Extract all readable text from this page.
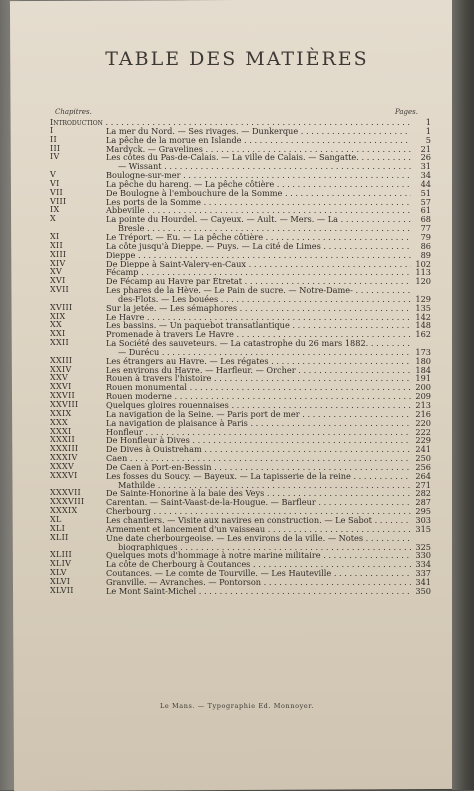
TABLE DES MATIÈRES
Chapitres.	Pages.
Introduction . . .	1
I	La mer du Nord. — Ses rivages. — Dunkerque . . .	1
II	La pêche de la morue en Islande . . .	5
III	Mardyck. — Gravelines . . .	21
IV	Les côtes du Pas-de-Calais. — La ville de Calais. — Sangatte. . . .	26
— Wissant . . .	31
V	Boulogne-sur-mer . . .	34
VI	La pêche du hareng. — La pêche côtière . . .	44
VII	De Boulogne à l'embouchure de la Somme . . .	51
VIII	Les ports de la Somme . . .	57
IX	Abbeville . . .	61
X	La pointe du Hourdel. — Cayeux. — Ault. — Mers. — La . . .	68
Bresle . . .	77
XI	Le Tréport. — Eu. — La pêche côtière . . .	79
XII	La côte jusqu'à Dieppe. — Puys. — La cité de Limes . . .	86
XIII	Dieppe . . .	89
XIV	De Dieppe à Saint-Valery-en-Caux . . .	102
XV	Fécamp . . .	113
XVI	De Fécamp au Havre par Étretat . . .	120
XVII	Les phares de la Hève. — Le Pain de sucre. — Notre-Dame- . . .
des-Flots. — Les bouées . . .	129
XVIII	Sur la jetée. — Les sémaphores . . .	135
XIX	Le Havre . . .	142
XX	Les bassins. — Un paquebot transatlantique . . .	148
XXI	Promenade à travers Le Havre . . .	162
XXII	La Société des sauveteurs. — La catastrophe du 26 mars 1882. . . .
— Durécu . . .	173
XXIII	Les étrangers au Havre. — Les régates . . .	180
XXIV	Les environs du Havre. — Harfleur. — Orcher . . .	184
XXV	Rouen à travers l'histoire . . .	191
XXVI	Rouen monumental . . .	200
XXVII	Rouen moderne . . .	209
XXVIII	Quelques gloires rouennaises . . .	213
XXIX	La navigation de la Seine. — Paris port de mer . . .	216
XXX	La navigation de plaisance à Paris . . .	220
XXXI	Honfleur . . .	222
XXXII	De Honfleur à Dives . . .	229
XXXIII	De Dives à Ouistreham . . .	241
XXXIV	Caen . . .	250
XXXV	De Caen à Port-en-Bessin . . .	256
XXXVI	Les fosses du Soucy. — Bayeux. — La tapisserie de la reine . . .	264
Mathilde . . .	271
XXXVII	De Sainte-Honorine à la baie des Veys . . .	282
XXXVIII	Carentan. — Saint-Vaast-de-la-Hougue. — Barfleur . . .	287
XXXIX	Cherbourg . . .	295
XL	Les chantiers. — Visite aux navires en construction. — Le Sabot . . .	303
XLI	Armement et lancement d'un vaisseau . . .	315
XLII	Une date cherbourgeoise. — Les environs de la ville. — Notes . . .
biographiques . . .	325
XLIII	Quelques mots d'hommage à notre marine militaire . . .	330
XLIV	La côte de Cherbourg à Coutances . . .	334
XLV	Coutances. — Le comte de Tourville. — Les Hauteville . . .	337
XLVI	Granville. — Avranches. — Pontorson . . .	341
XLVII	Le Mont Saint-Michel . . .	350
Le Mans. — Typographie Ed. Monnoyer.
